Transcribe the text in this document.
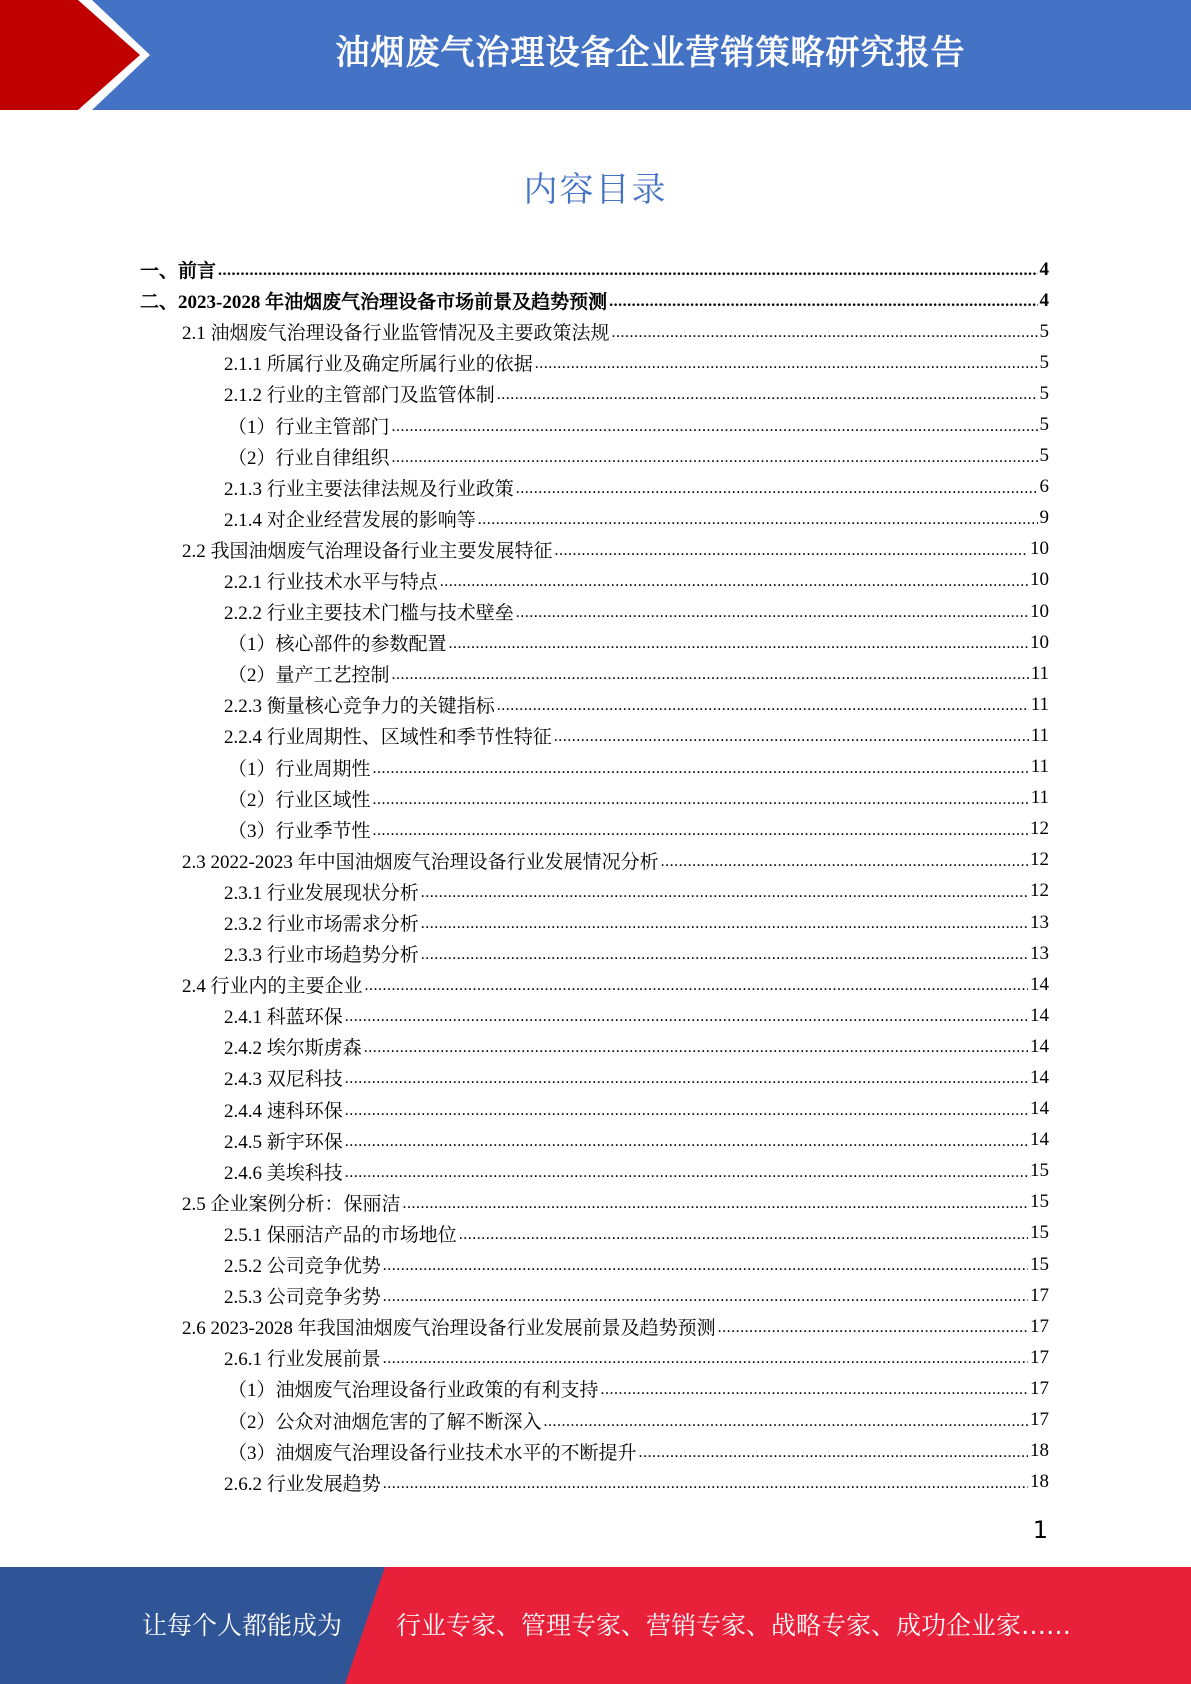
油烟废气治理设备企业营销策略研究报告
内容目录
一、前言 .....	4
二、2023-2028 年油烟废气治理设备市场前景及趋势预测 .....	4
2.1 油烟废气治理设备行业监管情况及主要政策法规 .....	5
2.1.1 所属行业及确定所属行业的依据 .....	5
2.1.2 行业的主管部门及监管体制 .....	5
（1）行业主管部门 .....	5
（2）行业自律组织 .....	5
2.1.3 行业主要法律法规及行业政策 .....	6
2.1.4 对企业经营发展的影响等 .....	9
2.2 我国油烟废气治理设备行业主要发展特征 .....	10
2.2.1 行业技术水平与特点 .....	10
2.2.2 行业主要技术门槛与技术壁垒 .....	10
（1）核心部件的参数配置 .....	10
（2）量产工艺控制 .....	11
2.2.3 衡量核心竞争力的关键指标 .....	11
2.2.4 行业周期性、区域性和季节性特征 .....	11
（1）行业周期性 .....	11
（2）行业区域性 .....	11
（3）行业季节性 .....	12
2.3 2022-2023 年中国油烟废气治理设备行业发展情况分析 .....	12
2.3.1 行业发展现状分析 .....	12
2.3.2 行业市场需求分析 .....	13
2.3.3 行业市场趋势分析 .....	13
2.4 行业内的主要企业 .....	14
2.4.1 科蓝环保 .....	14
2.4.2 埃尔斯虏森 .....	14
2.4.3 双尼科技 .....	14
2.4.4 速科环保 .....	14
2.4.5 新宇环保 .....	14
2.4.6 美埃科技 .....	15
2.5 企业案例分析：保丽洁 .....	15
2.5.1 保丽洁产品的市场地位 .....	15
2.5.2 公司竞争优势 .....	15
2.5.3 公司竞争劣势 .....	17
2.6 2023-2028 年我国油烟废气治理设备行业发展前景及趋势预测 .....	17
2.6.1 行业发展前景 .....	17
（1）油烟废气治理设备行业政策的有利支持 .....	17
（2）公众对油烟危害的了解不断深入 .....	17
（3）油烟废气治理设备行业技术水平的不断提升 .....	18
2.6.2 行业发展趋势 .....	18
1
让每个人都能成为 行业专家、管理专家、营销专家、战略专家、成功企业家……
